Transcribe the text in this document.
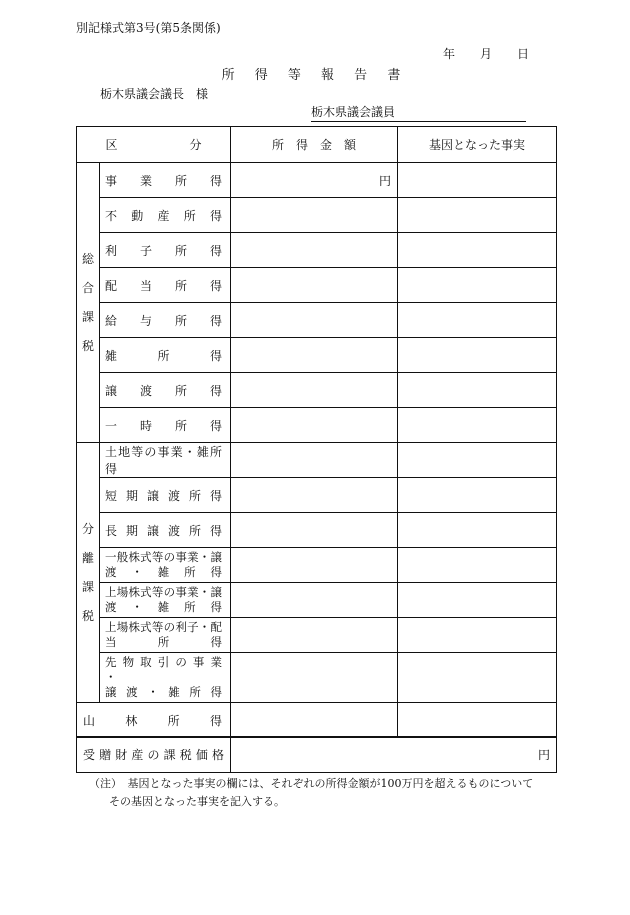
別記様式第3号(第5条関係)
年 月 日
所 得 等 報 告 書
栃木県議会議長　様
栃木県議会議員
区　　　　　　分		所　得　金　額	基因となった事実

総
合
課
税	事　業　所　得	円	
	不　動　産　所　得		
	利　子　所　得		
	配　当　所　得		
	給　与　所　得		
	雑　　所　　得		
	譲　渡　所　得		
	一　時　所　得		

分
離
課
税	土地等の事業・雑所得		

	短 期 譲 渡 所 得		

	長 期 譲 渡 所 得		

	一般株式等の事業・譲
渡　・　雑　所　得		

	上場株式等の事業・譲
渡　・　雑　所　得		

	上場株式等の利子・配
当　　所　　得		

	先 物 取 引 の 事 業 ・
譲 渡 ・ 雑 所 得		

山　　林　　所　　得			
受 贈 財 産 の 課 税 価 格	円
（注）　基因となった事実の欄には、それぞれの所得金額が100万円を超えるものについて
その基因となった事実を記入する。
